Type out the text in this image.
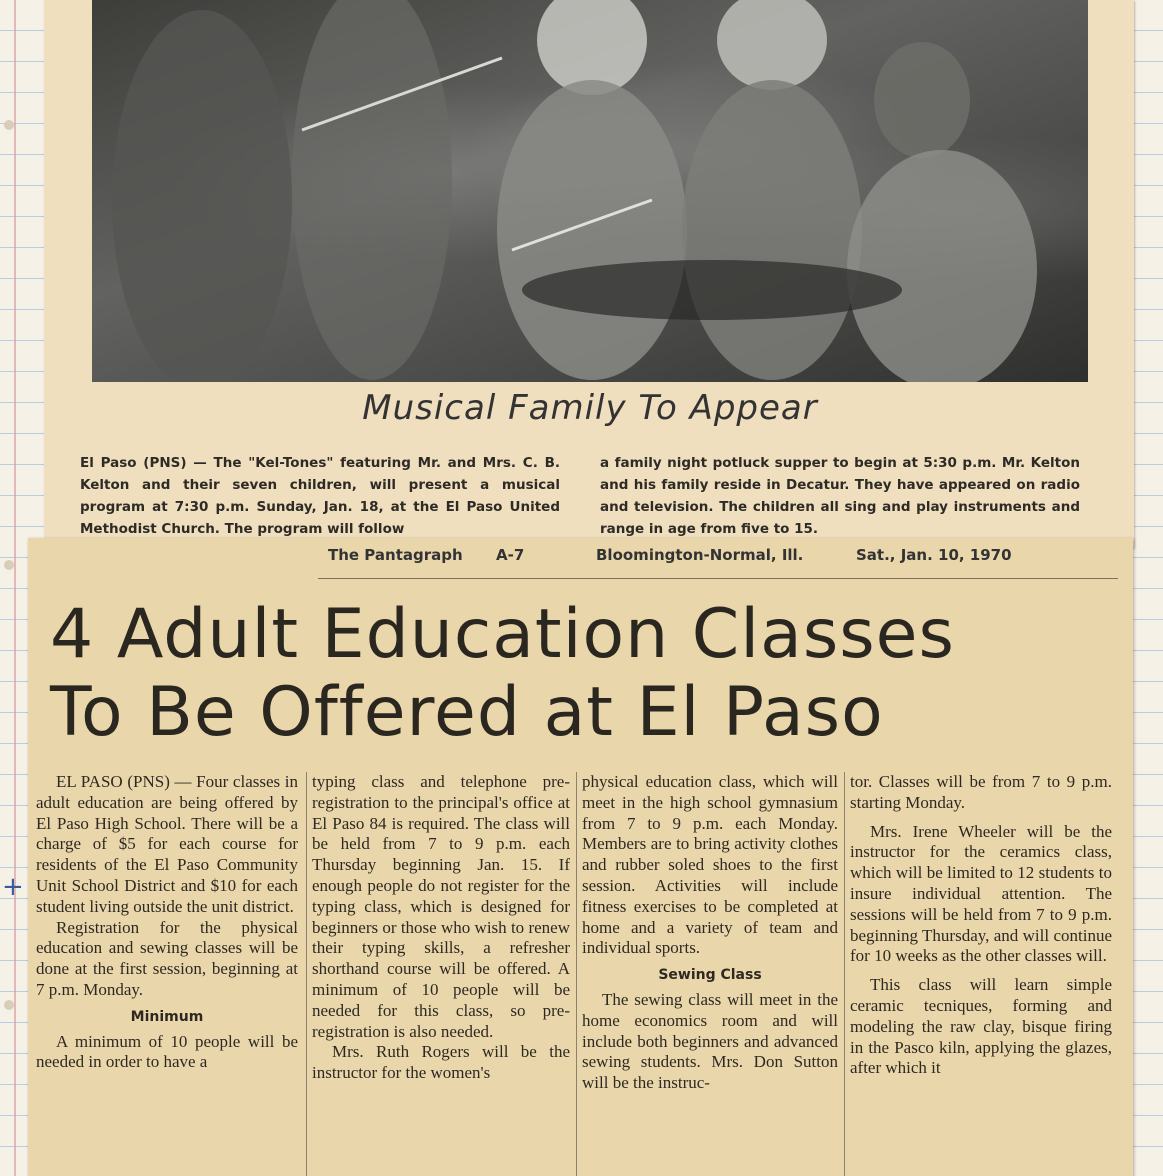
+
Musical Family To Appear
El Paso (PNS) — The "Kel-Tones" featuring Mr. and Mrs. C. B. Kelton and their seven children, will present a musical program at 7:30 p.m. Sunday, Jan. 18, at the El Paso United Methodist Church. The program will follow
a family night potluck supper to begin at 5:30 p.m. Mr. Kelton and his family reside in Decatur. They have appeared on radio and television. The children all sing and play instruments and range in age from five to 15.
The Pantagraph A-7	Bloomington-Normal, Ill.	Sat., Jan. 10, 1970
4 Adult Education Classes
To Be Offered at El Paso

EL PASO (PNS) — Four classes in adult education are being offered by El Paso High School. There will be a charge of $5 for each course for residents of the El Paso Community Unit School District and $10 for each student living outside the unit district.

Registration for the physical education and sewing classes will be done at the first session, beginning at 7 p.m. Monday.

Minimum

A minimum of 10 people will be needed in order to have a

typing class and telephone pre-registration to the principal's office at El Paso 84 is required. The class will be held from 7 to 9 p.m. each Thursday beginning Jan. 15. If enough people do not register for the typing class, which is designed for beginners or those who wish to renew their typing skills, a refresher shorthand course will be offered. A minimum of 10 people will be needed for this class, so pre-registration is also needed.

Mrs. Ruth Rogers will be the instructor for the women's

physical education class, which will meet in the high school gymnasium from 7 to 9 p.m. each Monday. Members are to bring activity clothes and rubber soled shoes to the first session. Activities will include fitness exercises to be completed at home and a variety of team and individual sports.

Sewing Class

The sewing class will meet in the home economics room and will include both beginners and advanced sewing students. Mrs. Don Sutton will be the instruc-

tor. Classes will be from 7 to 9 p.m. starting Monday.

Mrs. Irene Wheeler will be the instructor for the ceramics class, which will be limited to 12 students to insure individual attention. The sessions will be held from 7 to 9 p.m. beginning Thursday, and will continue for 10 weeks as the other classes will.

This class will learn simple ceramic tecniques, forming and modeling the raw clay, bisque firing in the Pasco kiln, applying the glazes, after which it
